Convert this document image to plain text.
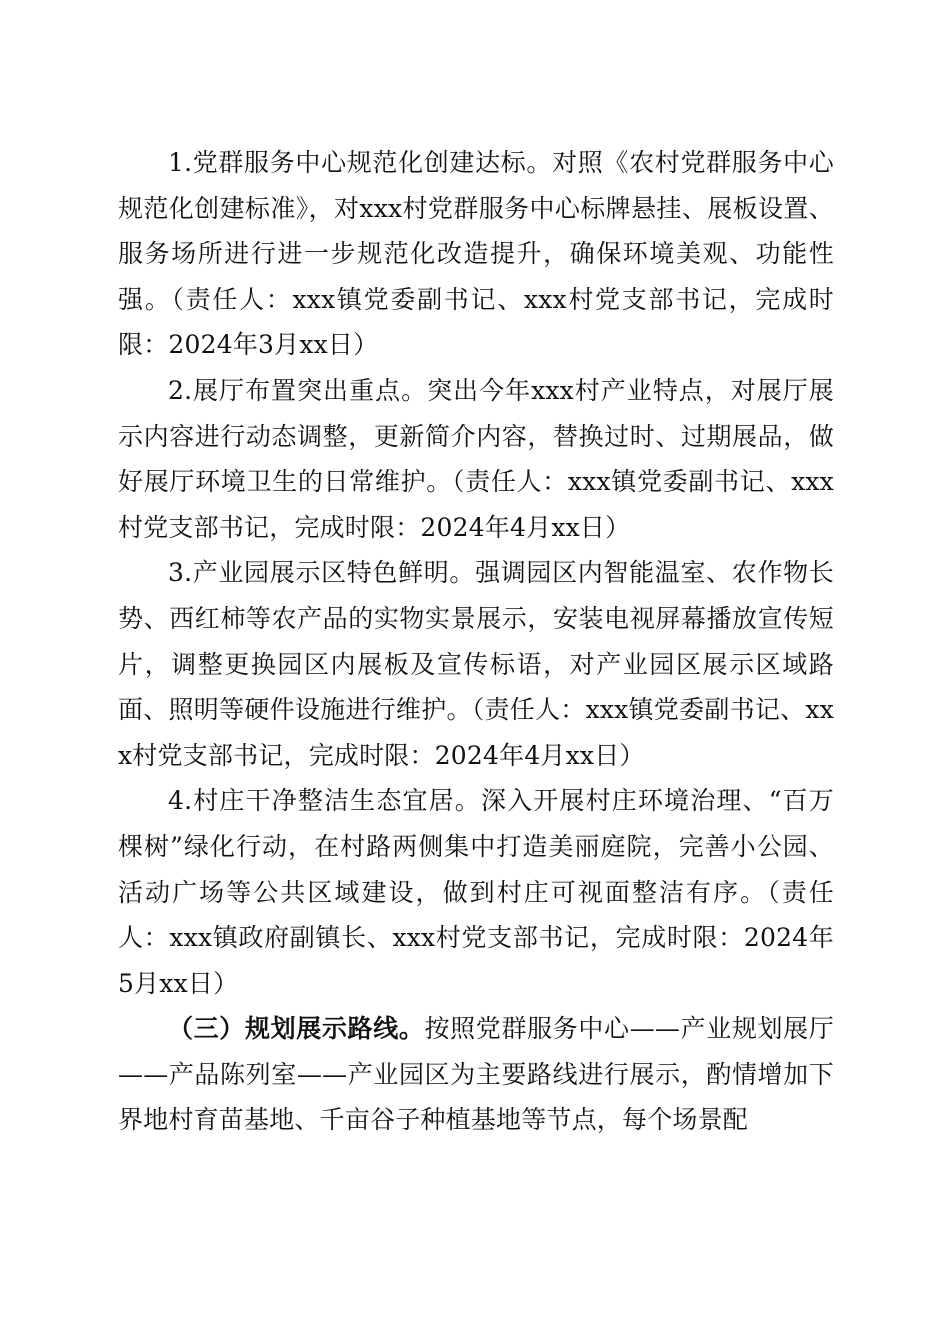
1.党群服务中心规范化创建达标。对照《农村党群服务中心规范化创建标准》，对xxx村党群服务中心标牌悬挂、展板设置、服务场所进行进一步规范化改造提升，确保环境美观、功能性强。（责任人：xxx镇党委副书记、xxx村党支部书记，完成时限：2024年3月xx日）

2.展厅布置突出重点。突出今年xxx村产业特点，对展厅展示内容进行动态调整，更新简介内容，替换过时、过期展品，做好展厅环境卫生的日常维护。（责任人：xxx镇党委副书记、xxx村党支部书记，完成时限：2024年4月xx日）

3.产业园展示区特色鲜明。强调园区内智能温室、农作物长势、西红柿等农产品的实物实景展示，安装电视屏幕播放宣传短片，调整更换园区内展板及宣传标语，对产业园区展示区域路面、照明等硬件设施进行维护。（责任人：xxx镇党委副书记、xxx村党支部书记，完成时限：2024年4月xx日）

4.村庄干净整洁生态宜居。深入开展村庄环境治理、“百万棵树”绿化行动，在村路两侧集中打造美丽庭院，完善小公园、活动广场等公共区域建设，做到村庄可视面整洁有序。（责任人：xxx镇政府副镇长、xxx村党支部书记，完成时限：2024年5月xx日）

（三）规划展示路线。按照党群服务中心——产业规划展厅——产品陈列室——产业园区为主要路线进行展示，酌情增加下界地村育苗基地、千亩谷子种植基地等节点，每个场景配
